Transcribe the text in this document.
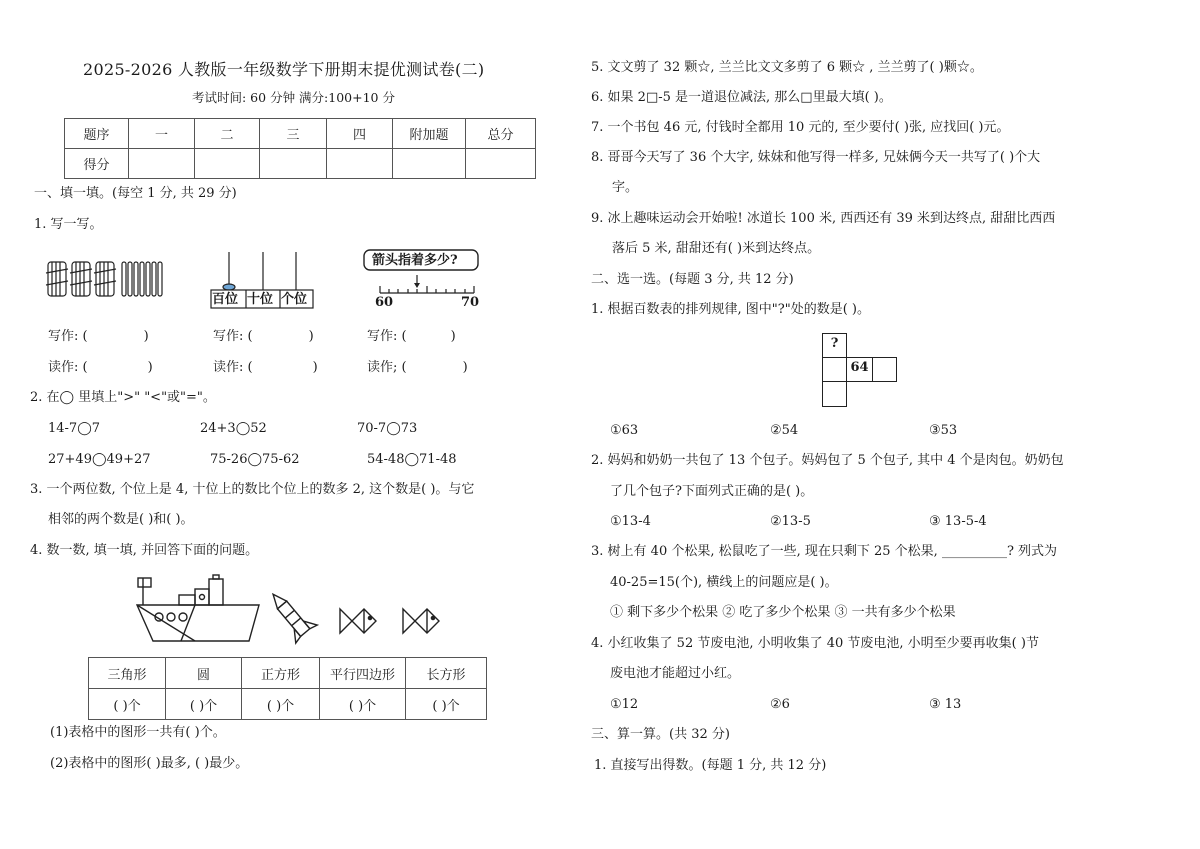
2025-2026 人教版一年级数学下册期末提优测试卷(二)
考试时间: 60 分钟 满分:100+10 分
题序	一	二	三	四	附加题	总分
得分						
一、填一填。(每空 1 分, 共 29 分)
1. 写一写。
百位 十位 个位
箭头指着多少?
60	70
写作: (	)	写作: (	)	写作: (	)
读作: (	)	读作: (	)	读作; (	)
2. 在◯ 里填上">" "<"或"="。
14-7◯7	24+3◯52	70-7◯73
27+49◯49+27	75-26◯75-62	54-48◯71-48
3. 一个两位数, 个位上是 4, 十位上的数比个位上的数多 2, 这个数是( )。与它
相邻的两个数是( )和( )。
4. 数一数, 填一填, 并回答下面的问题。
三角形	圆	正方形	平行四边形	长方形
( )个	( )个	( )个	( )个	( )个
(1)表格中的图形一共有( )个。
(2)表格中的图形( )最多, ( )最少。
5. 文文剪了 32 颗☆, 兰兰比文文多剪了 6 颗☆ , 兰兰剪了( )颗☆。
6. 如果 2□-5 是一道退位减法, 那么□里最大填( )。
7. 一个书包 46 元, 付钱时全都用 10 元的, 至少要付( )张, 应找回( )元。
8. 哥哥今天写了 36 个大字, 妹妹和他写得一样多, 兄妹俩今天一共写了( )个大
字。
9. 冰上趣味运动会开始啦! 冰道长 100 米, 西西还有 39 米到达终点, 甜甜比西西
落后 5 米, 甜甜还有( )米到达终点。
二、选一选。(每题 3 分, 共 12 分)
1. 根据百数表的排列规律, 图中"?"处的数是( )。
?
64
①63	②54	③53
2. 妈妈和奶奶一共包了 13 个包子。妈妈包了 5 个包子, 其中 4 个是肉包。奶奶包
了几个包子?下面列式正确的是( )。
①13-4	②13-5	③ 13-5-4
3. 树上有 40 个松果, 松鼠吃了一些, 现在只剩下 25 个松果, __________? 列式为
40-25=15(个), 横线上的问题应是( )。
① 剩下多少个松果 ② 吃了多少个松果 ③ 一共有多少个松果
4. 小红收集了 52 节废电池, 小明收集了 40 节废电池, 小明至少要再收集( )节
废电池才能超过小红。
①12	②6	③ 13
三、算一算。(共 32 分)
1. 直接写出得数。(每题 1 分, 共 12 分)
